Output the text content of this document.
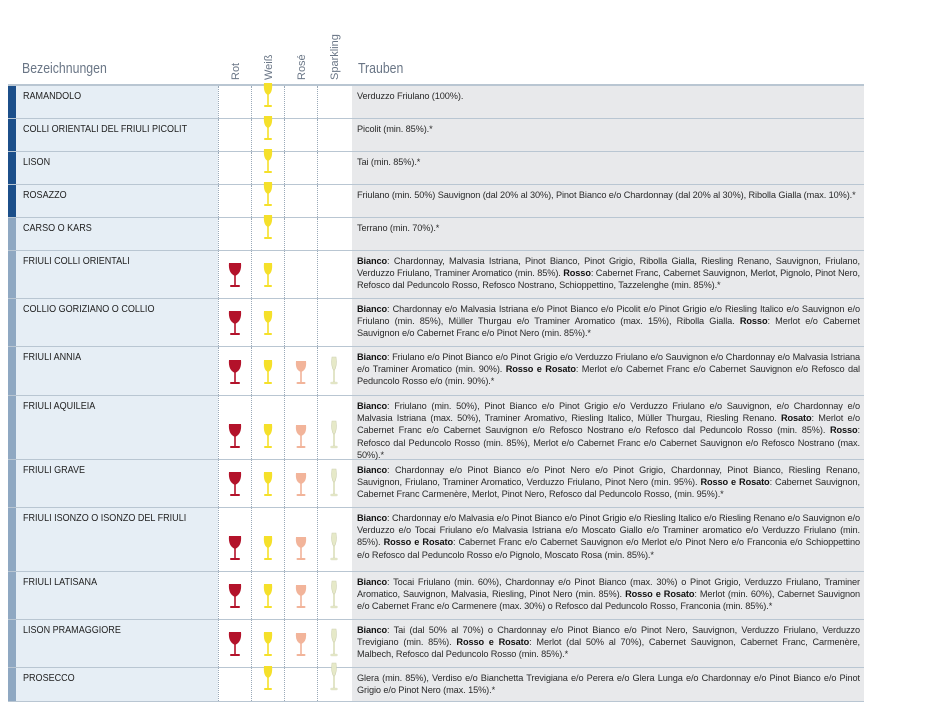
Bezeichnungen	Rot Weiß Rosé Sparkling Trauben
RAMANDOLO	Verduzzo Friulano (100%).
COLLI ORIENTALI DEL FRIULI PICOLIT	Picolit (min. 85%).*
LISON	Tai (min. 85%).*
ROSAZZO	Friulano (min. 50%) Sauvignon (dal 20% al 30%), Pinot Bianco e/o Chardonnay (dal 20% al 30%), Ribolla Gialla (max. 10%).*
CARSO O KARS	Terrano (min. 70%).*
FRIULI COLLI ORIENTALI	Bianco: Chardonnay, Malvasia Istriana, Pinot Bianco, Pinot Grigio, Ribolla Gialla, Riesling Renano, Sauvignon, Friulano, Verduzzo Friulano, Traminer Aromatico (min. 85%). Rosso: Cabernet Franc, Cabernet Sauvignon, Merlot, Pignolo, Pinot Nero, Refosco dal Peduncolo Rosso, Refosco Nostrano, Schioppettino, Tazzelenghe (min. 85%).*
COLLIO GORIZIANO O COLLIO	Bianco: Chardonnay e/o Malvasia Istriana e/o Pinot Bianco e/o Picolit e/o Pinot Grigio e/o Riesling Italico e/o Sauvignon e/o Friulano (min. 85%), Müller Thurgau e/o Traminer Aromatico (max. 15%), Ribolla Gialla. Rosso: Merlot e/o Cabernet Sauvignon e/o Cabernet Franc e/o Pinot Nero (min. 85%).*
FRIULI ANNIA	Bianco: Friulano e/o Pinot Bianco e/o Pinot Grigio e/o Verduzzo Friulano e/o Sauvignon e/o Chardonnay e/o Malvasia Istriana e/o Traminer Aromatico (min. 90%). Rosso e Rosato: Merlot e/o Cabernet Franc e/o Cabernet Sauvignon e/o Refosco dal Peduncolo Rosso e/o (min. 90%).*
FRIULI AQUILEIA	Bianco: Friulano (min. 50%), Pinot Bianco e/o Pinot Grigio e/o Verduzzo Friulano e/o Sauvignon, e/o Chardonnay e/o Malvasia Istriana (max. 50%), Traminer Aromativo, Riesling Italico, Müller Thurgau, Riesling Renano. Rosato: Merlot e/o Cabernet Franc e/o Cabernet Sauvignon e/o Refosco Nostrano e/o Refosco dal Peduncolo Rosso (min. 85%). Rosso: Refosco dal Peduncolo Rosso (min. 85%), Merlot e/o Cabernet Franc e/o Cabernet Sauvignon e/o Refosco Nostrano (max. 50%).*
FRIULI GRAVE	Bianco: Chardonnay e/o Pinot Bianco e/o Pinot Nero e/o Pinot Grigio, Chardonnay, Pinot Bianco, Riesling Renano, Sauvignon, Friulano, Traminer Aromatico, Verduzzo Friulano, Pinot Nero (min. 95%). Rosso e Rosato: Cabernet Sauvignon, Cabernet Franc Carmenère, Merlot, Pinot Nero, Refosco dal Peduncolo Rosso, (min. 95%).*
FRIULI ISONZO O ISONZO DEL FRIULI	Bianco: Chardonnay e/o Malvasia e/o Pinot Bianco e/o Pinot Grigio e/o Riesling Italico e/o Riesling Renano e/o Sauvignon e/o Verduzzo e/o Tocai Friulano e/o Malvasia Istriana e/o Moscato Giallo e/o Traminer aromatico e/o Verduzzo Friulano (min. 85%). Rosso e Rosato: Cabernet Franc e/o Cabernet Sauvignon e/o Merlot e/o Pinot Nero e/o Franconia e/o Schioppettino e/o Refosco dal Peduncolo Rosso e/o Pignolo, Moscato Rosa (min. 85%).*
FRIULI LATISANA	Bianco: Tocai Friulano (min. 60%), Chardonnay e/o Pinot Bianco (max. 30%) o Pinot Grigio, Verduzzo Friulano, Traminer Aromatico, Sauvignon, Malvasia, Riesling, Pinot Nero (min. 85%). Rosso e Rosato: Merlot (min. 60%), Cabernet Sauvignon e/o Cabernet Franc e/o Carmenere (max. 30%) o Refosco dal Peduncolo Rosso, Franconia (min. 85%).*
LISON PRAMAGGIORE	Bianco: Tai (dal 50% al 70%) o Chardonnay e/o Pinot Bianco e/o Pinot Nero, Sauvignon, Verduzzo Friulano, Verduzzo Trevigiano (min. 85%). Rosso e Rosato: Merlot (dal 50% al 70%), Cabernet Sauvignon, Cabernet Franc, Carmenère, Malbech, Refosco dal Peduncolo Rosso (min. 85%).*
PROSECCO	Glera (min. 85%), Verdiso e/o Bianchetta Trevigiana e/o Perera e/o Glera Lunga e/o Chardonnay e/o Pinot Bianco e/o Pinot Grigio e/o Pinot Nero (max. 15%).*
